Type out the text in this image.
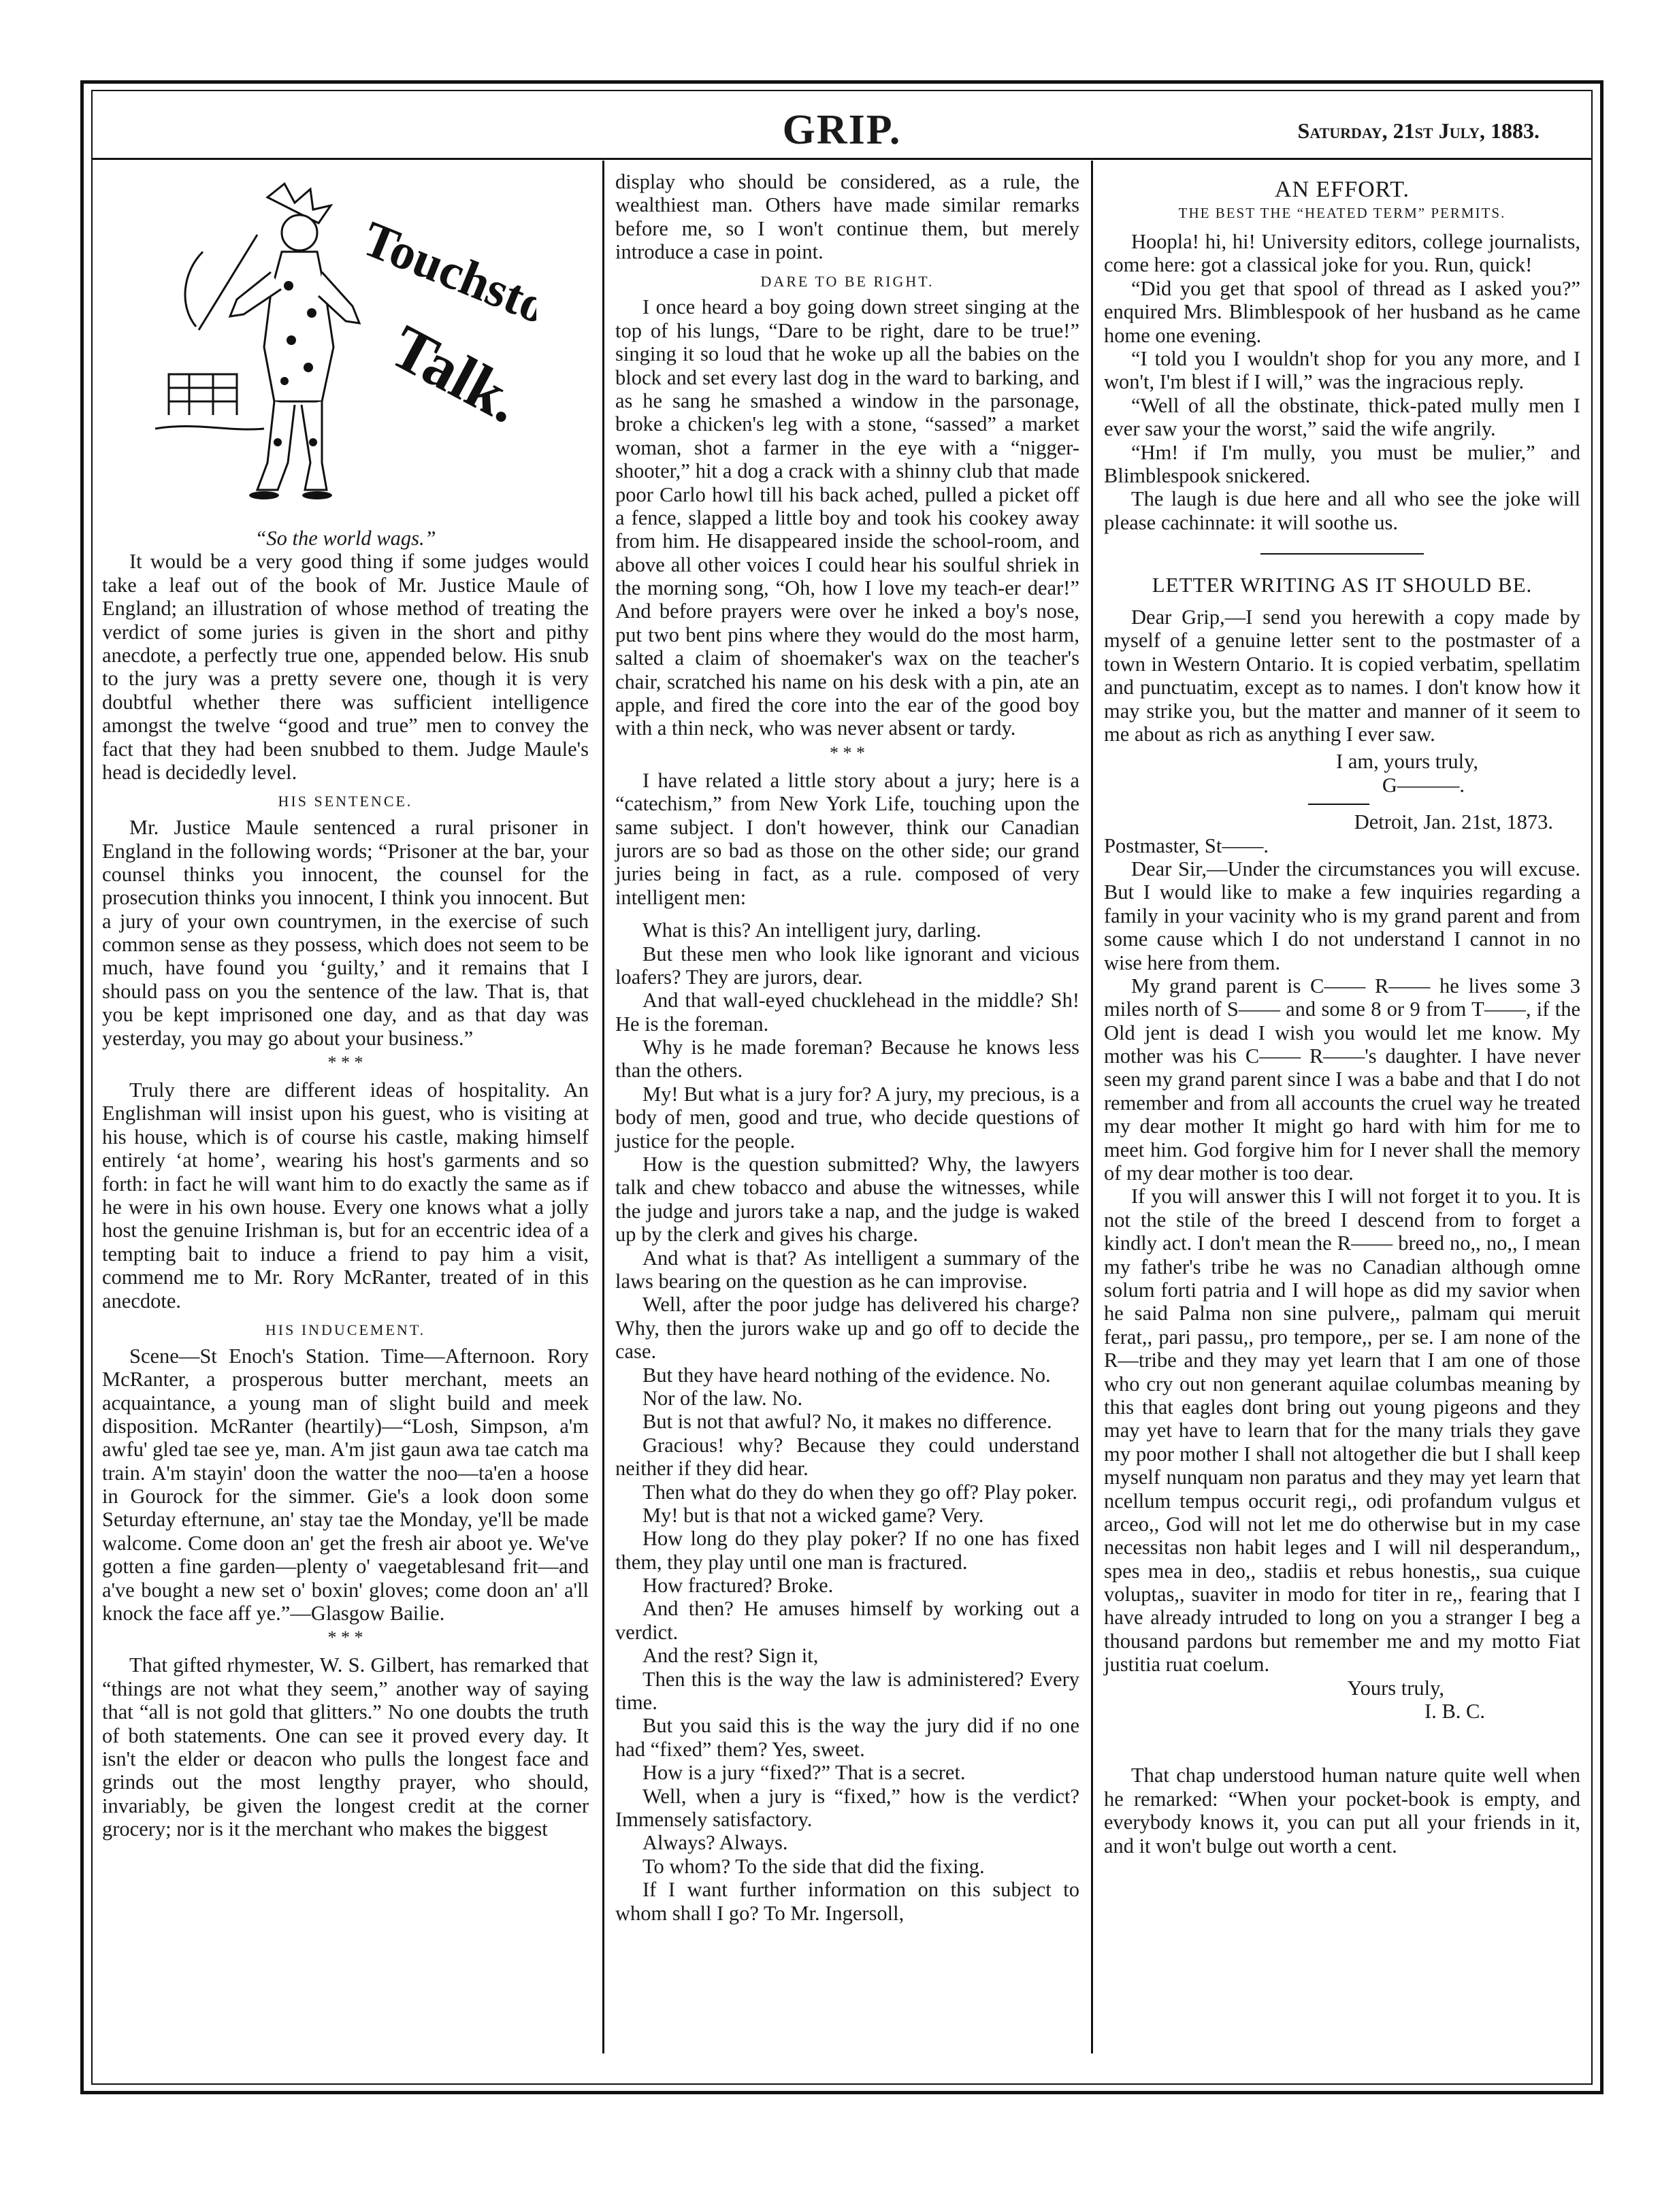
GRIP.	Saturday, 21st July, 1883.
Touchstone's
Talk.

“So the world wags.”

It would be a very good thing if some judges would take a leaf out of the book of Mr. Justice Maule of England; an illustration of whose method of treating the verdict of some juries is given in the short and pithy anecdote, a perfectly true one, appended below. His snub to the jury was a pretty severe one, though it is very doubtful whether there was sufficient intelligence amongst the twelve “good and true” men to convey the fact that they had been snubbed to them. Judge Maule's head is decidedly level.

HIS SENTENCE.

Mr. Justice Maule sentenced a rural prisoner in England in the following words; “Prisoner at the bar, your counsel thinks you innocent, the counsel for the prosecution thinks you innocent, I think you innocent. But a jury of your own countrymen, in the exercise of such common sense as they possess, which does not seem to be much, have found you ‘guilty,’ and it remains that I should pass on you the sentence of the law. That is, that you be kept imprisoned one day, and as that day was yesterday, you may go about your business.”

* * *

Truly there are different ideas of hospitality. An Englishman will insist upon his guest, who is visiting at his house, which is of course his castle, making himself entirely ‘at home’, wearing his host's garments and so forth: in fact he will want him to do exactly the same as if he were in his own house. Every one knows what a jolly host the genuine Irishman is, but for an eccentric idea of a tempting bait to induce a friend to pay him a visit, commend me to Mr. Rory McRanter, treated of in this anecdote.

HIS INDUCEMENT.

Scene—St Enoch's Station. Time—Afternoon. Rory McRanter, a prosperous butter merchant, meets an acquaintance, a young man of slight build and meek disposition. McRanter (heartily)—“Losh, Simpson, a'm awfu' gled tae see ye, man. A'm jist gaun awa tae catch ma train. A'm stayin' doon the watter the noo—ta'en a hoose in Gourock for the simmer. Gie's a look doon some Seturday efternune, an' stay tae the Monday, ye'll be made walcome. Come doon an' get the fresh air aboot ye. We've gotten a fine garden—plenty o' vaegetablesand frit—and a've bought a new set o' boxin' gloves; come doon an' a'll knock the face aff ye.”—Glasgow Bailie.

* * *

That gifted rhymester, W. S. Gilbert, has remarked that “things are not what they seem,” another way of saying that “all is not gold that glitters.” No one doubts the truth of both statements. One can see it proved every day. It isn't the elder or deacon who pulls the longest face and grinds out the most lengthy prayer, who should, invariably, be given the longest credit at the corner grocery; nor is it the merchant who makes the biggest

display who should be considered, as a rule, the wealthiest man. Others have made similar remarks before me, so I won't continue them, but merely introduce a case in point.

DARE TO BE RIGHT.

I once heard a boy going down street singing at the top of his lungs, “Dare to be right, dare to be true!” singing it so loud that he woke up all the babies on the block and set every last dog in the ward to barking, and as he sang he smashed a window in the parsonage, broke a chicken's leg with a stone, “sassed” a market woman, shot a farmer in the eye with a “nigger-shooter,” hit a dog a crack with a shinny club that made poor Carlo howl till his back ached, pulled a picket off a fence, slapped a little boy and took his cookey away from him. He disappeared inside the school-room, and above all other voices I could hear his soulful shriek in the morning song, “Oh, how I love my teach-er dear!” And before prayers were over he inked a boy's nose, put two bent pins where they would do the most harm, salted a claim of shoemaker's wax on the teacher's chair, scratched his name on his desk with a pin, ate an apple, and fired the core into the ear of the good boy with a thin neck, who was never absent or tardy.

* * *

I have related a little story about a jury; here is a “catechism,” from New York Life, touching upon the same subject. I don't however, think our Canadian jurors are so bad as those on the other side; our grand juries being in fact, as a rule. composed of very intelligent men:

What is this? An intelligent jury, darling.

But these men who look like ignorant and vicious loafers? They are jurors, dear.

And that wall-eyed chucklehead in the middle? Sh! He is the foreman.

Why is he made foreman? Because he knows less than the others.

My! But what is a jury for? A jury, my precious, is a body of men, good and true, who decide questions of justice for the people.

How is the question submitted? Why, the lawyers talk and chew tobacco and abuse the witnesses, while the judge and jurors take a nap, and the judge is waked up by the clerk and gives his charge.

And what is that? As intelligent a summary of the laws bearing on the question as he can improvise.

Well, after the poor judge has delivered his charge? Why, then the jurors wake up and go off to decide the case.

But they have heard nothing of the evidence. No.

Nor of the law. No.

But is not that awful? No, it makes no difference.

Gracious! why? Because they could understand neither if they did hear.

Then what do they do when they go off? Play poker.

My! but is that not a wicked game? Very.

How long do they play poker? If no one has fixed them, they play until one man is fractured.

How fractured? Broke.

And then? He amuses himself by working out a verdict.

And the rest? Sign it,

Then this is the way the law is administered? Every time.

But you said this is the way the jury did if no one had “fixed” them? Yes, sweet.

How is a jury “fixed?” That is a secret.

Well, when a jury is “fixed,” how is the verdict? Immensely satisfactory.

Always? Always.

To whom? To the side that did the fixing.

If I want further information on this subject to whom shall I go? To Mr. Ingersoll,

AN EFFORT.
THE BEST THE “HEATED TERM” PERMITS.

Hoopla! hi, hi! University editors, college journalists, come here: got a classical joke for you. Run, quick!

“Did you get that spool of thread as I asked you?” enquired Mrs. Blimblespook of her husband as he came home one evening.

“I told you I wouldn't shop for you any more, and I won't, I'm blest if I will,” was the ingracious reply.

“Well of all the obstinate, thick-pated mully men I ever saw your the worst,” said the wife angrily.

“Hm! if I'm mully, you must be mulier,” and Blimblespook snickered.

The laugh is due here and all who see the joke will please cachinnate: it will soothe us.

LETTER WRITING AS IT SHOULD BE.

Dear Grip,—I send you herewith a copy made by myself of a genuine letter sent to the postmaster of a town in Western Ontario. It is copied verbatim, spellatim and punctuatim, except as to names. I don't know how it may strike you, but the matter and manner of it seem to me about as rich as anything I ever saw.

I am, yours truly,

G———.

Detroit, Jan. 21st, 1873.

Postmaster, St——.

Dear Sir,—Under the circumstances you will excuse. But I would like to make a few inquiries regarding a family in your vacinity who is my grand parent and from some cause which I do not understand I cannot in no wise here from them.

My grand parent is C—— R—— he lives some 3 miles north of S—— and some 8 or 9 from T——, if the Old jent is dead I wish you would let me know. My mother was his C—— R——'s daughter. I have never seen my grand parent since I was a babe and that I do not remember and from all accounts the cruel way he treated my dear mother It might go hard with him for me to meet him. God forgive him for I never shall the memory of my dear mother is too dear.

If you will answer this I will not forget it to you. It is not the stile of the breed I descend from to forget a kindly act. I don't mean the R—— breed no,, no,, I mean my father's tribe he was no Canadian although omne solum forti patria and I will hope as did my savior when he said Palma non sine pulvere,, palmam qui meruit ferat,, pari passu,, pro tempore,, per se. I am none of the R—tribe and they may yet learn that I am one of those who cry out non generant aquilae columbas meaning by this that eagles dont bring out young pigeons and they may yet have to learn that for the many trials they gave my poor mother I shall not altogether die but I shall keep myself nunquam non paratus and they may yet learn that ncellum tempus occurit regi,, odi profandum vulgus et arceo,, God will not let me do otherwise but in my case necessitas non habit leges and I will nil desperandum,, spes mea in deo,, stadiis et rebus honestis,, sua cuique voluptas,, suaviter in modo for titer in re,, fearing that I have already intruded to long on you a stranger I beg a thousand pardons but remember me and my motto Fiat justitia ruat coelum.

Yours truly,

I. B. C.

That chap understood human nature quite well when he remarked: “When your pocket-book is empty, and everybody knows it, you can put all your friends in it, and it won't bulge out worth a cent.
